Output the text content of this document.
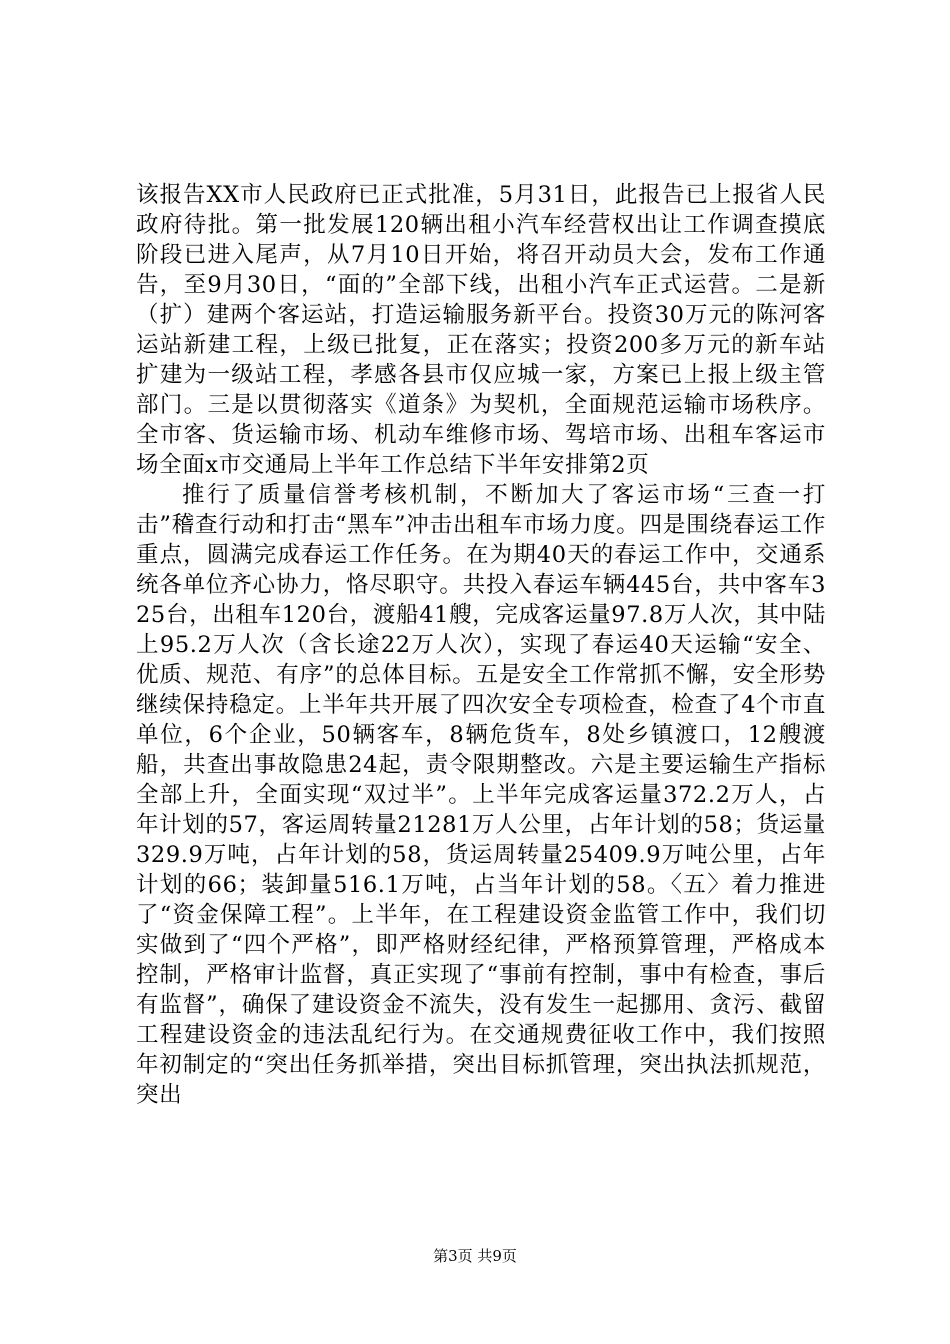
该报告XX市人民政府已正式批准，5月31日，此报告已上报省人民政府待批。第一批发展120辆出租小汽车经营权出让工作调查摸底阶段已进入尾声，从7月10日开始，将召开动员大会，发布工作通告，至9月30日，“面的”全部下线，出租小汽车正式运营。二是新（扩）建两个客运站，打造运输服务新平台。投资30万元的陈河客运站新建工程，上级已批复，正在落实；投资200多万元的新车站扩建为一级站工程，孝感各县市仅应城一家，方案已上报上级主管部门。三是以贯彻落实《道条》为契机，全面规范运输市场秩序。全市客、货运输市场、机动车维修市场、驾培市场、出租车客运市场全面x市交通局上半年工作总结下半年安排第2页

推行了质量信誉考核机制，不断加大了客运市场“三查一打击”稽查行动和打击“黑车”冲击出租车市场力度。四是围绕春运工作重点，圆满完成春运工作任务。在为期40天的春运工作中，交通系统各单位齐心协力，恪尽职守。共投入春运车辆445台，共中客车325台，出租车120台，渡船41艘，完成客运量97.8万人次，其中陆上95.2万人次（含长途22万人次），实现了春运40天运输“安全、优质、规范、有序”的总体目标。五是安全工作常抓不懈，安全形势继续保持稳定。上半年共开展了四次安全专项检查，检查了4个市直单位，6个企业，50辆客车，8辆危货车，8处乡镇渡口，12艘渡船，共查出事故隐患24起，责令限期整改。六是主要运输生产指标全部上升，全面实现“双过半”。上半年完成客运量372.2万人，占年计划的57，客运周转量21281万人公里，占年计划的58；货运量329.9万吨，占年计划的58，货运周转量25409.9万吨公里，占年计划的66；装卸量516.1万吨，占当年计划的58。〈五〉着力推进了“资金保障工程”。上半年，在工程建设资金监管工作中，我们切实做到了“四个严格”，即严格财经纪律，严格预算管理，严格成本控制，严格审计监督，真正实现了“事前有控制，事中有检查，事后有监督”，确保了建设资金不流失，没有发生一起挪用、贪污、截留工程建设资金的违法乱纪行为。在交通规费征收工作中，我们按照年初制定的“突出任务抓举措，突出目标抓管理，突出执法抓规范，突出

第3页 共9页
